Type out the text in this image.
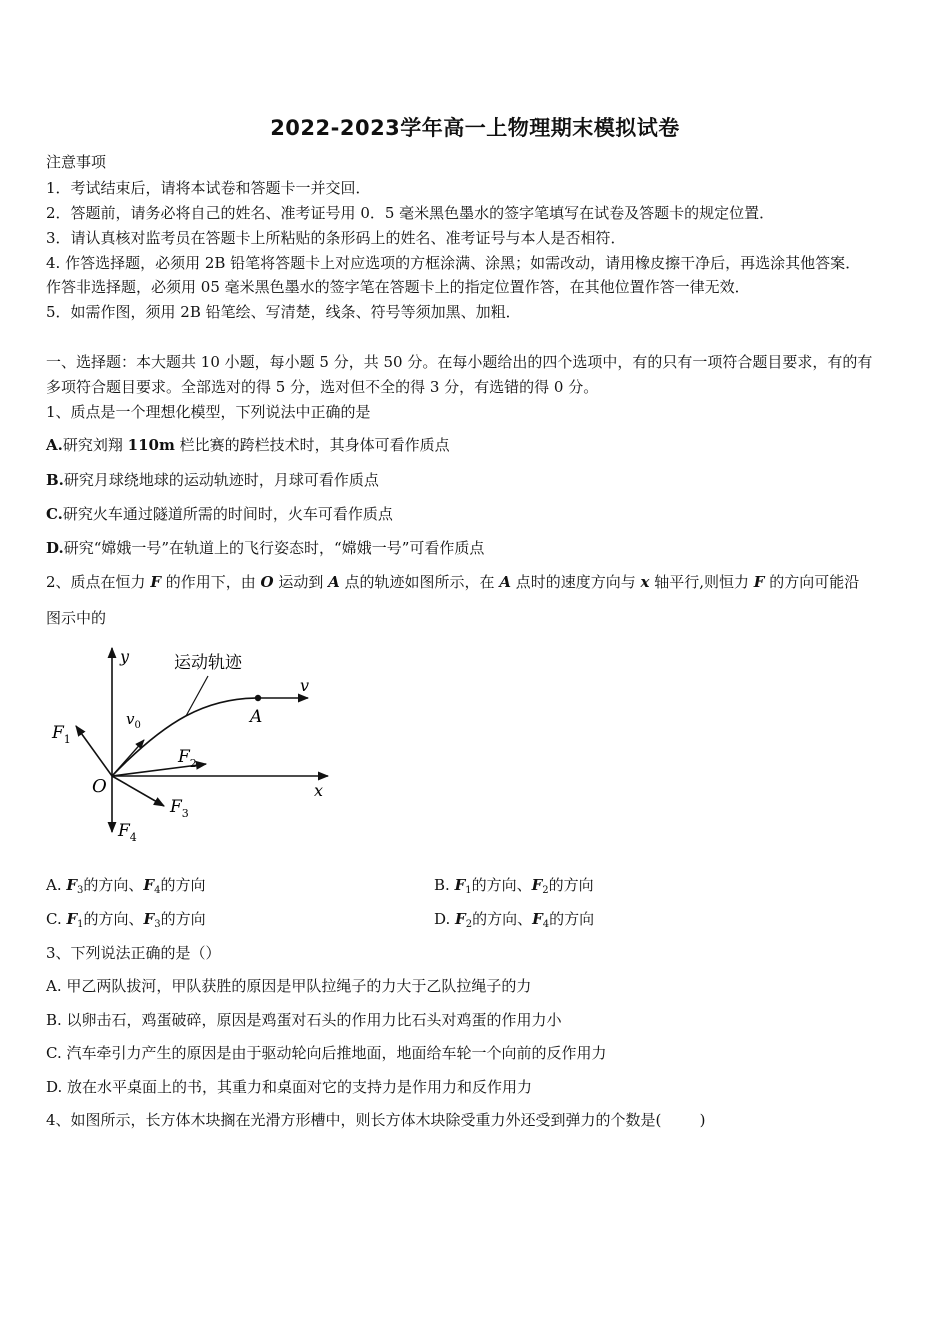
2022-2023学年高一上物理期末模拟试卷
注意事项
1．考试结束后，请将本试卷和答题卡一并交回．
2．答题前，请务必将自己的姓名、准考证号用 0．5 毫米黑色墨水的签字笔填写在试卷及答题卡的规定位置．
3．请认真核对监考员在答题卡上所粘贴的条形码上的姓名、准考证号与本人是否相符．
4. 作答选择题，必须用 2B 铅笔将答题卡上对应选项的方框涂满、涂黑；如需改动，请用橡皮擦干净后，再选涂其他答案．
作答非选择题，必须用 05 毫米黑色墨水的签字笔在答题卡上的指定位置作答，在其他位置作答一律无效．
5．如需作图，须用 2B 铅笔绘、写清楚，线条、符号等须加黑、加粗．
一、选择题：本大题共 10 小题，每小题 5 分，共 50 分。在每小题给出的四个选项中，有的只有一项符合题目要求，有的有
多项符合题目要求。全部选对的得 5 分，选对但不全的得 3 分，有选错的得 0 分。
1、质点是一个理想化模型，下列说法中正确的是
A.研究刘翔 110m 栏比赛的跨栏技术时，其身体可看作质点
B.研究月球绕地球的运动轨迹时，月球可看作质点
C.研究火车通过隧道所需的时间时，火车可看作质点
D.研究“嫦娥一号”在轨道上的飞行姿态时，“嫦娥一号”可看作质点
2、质点在恒力 F 的作用下，由 O 运动到 A 点的轨迹如图所示，在 A 点时的速度方向与 x 轴平行,则恒力 F 的方向可能沿
图示中的
运动轨迹
y
x
O
A
v
$v_0$
$F_1$
$F_2$
$F_3$
$F_4$
A. $F_3$的方向、$F_4$的方向	B. $F_1$的方向、$F_2$的方向
C. $F_1$的方向、$F_3$的方向	D. $F_2$的方向、$F_4$的方向
3、下列说法正确的是（）
A. 甲乙两队拔河，甲队获胜的原因是甲队拉绳子的力大于乙队拉绳子的力
B. 以卵击石，鸡蛋破碎，原因是鸡蛋对石头的作用力比石头对鸡蛋的作用力小
C. 汽车牵引力产生的原因是由于驱动轮向后推地面，地面给车轮一个向前的反作用力
D. 放在水平桌面上的书，其重力和桌面对它的支持力是作用力和反作用力
4、如图所示，长方体木块搁在光滑方形槽中，则长方体木块除受重力外还受到弹力的个数是(	)
